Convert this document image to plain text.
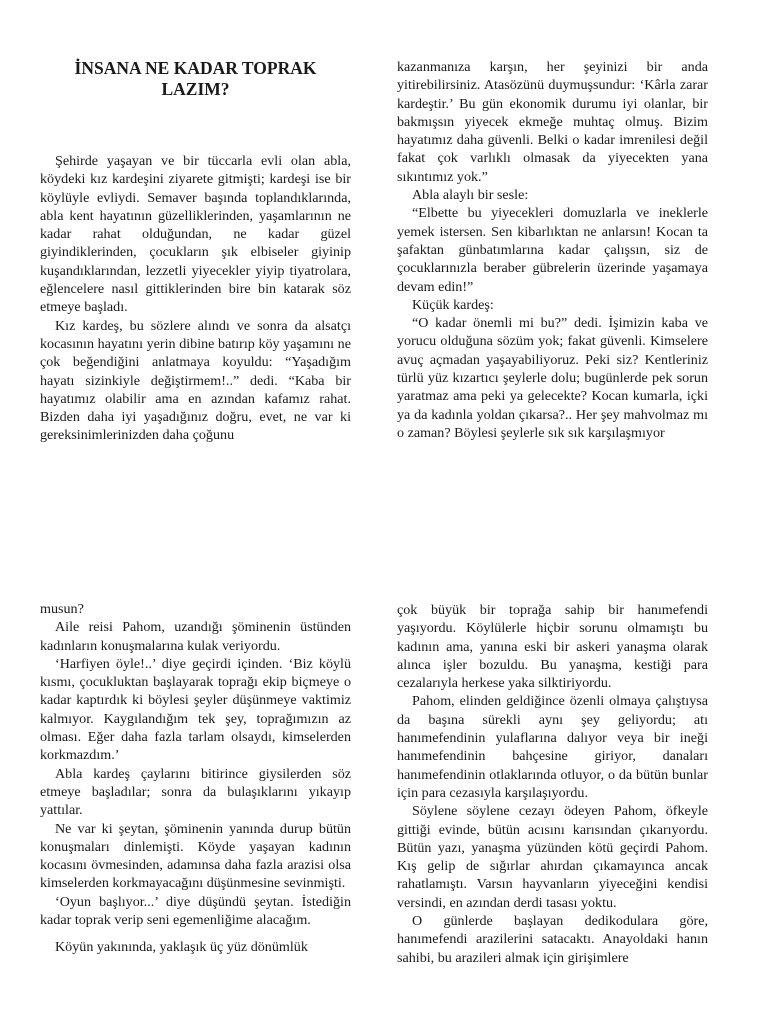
İNSANA NE KADAR TOPRAK LAZIM?

Şehirde yaşayan ve bir tüccarla evli olan abla, köydeki kız kardeşini ziyarete gitmişti; kardeşi ise bir köylüyle evliydi. Semaver başında toplandıklarında, abla kent hayatının güzelliklerinden, yaşamlarının ne kadar rahat olduğundan, ne kadar güzel giyindiklerinden, çocukların şık elbiseler giyinip kuşandıklarından, lezzetli yiyecekler yiyip tiyatrolara, eğlencelere nasıl gittiklerinden bire bin katarak söz etmeye başladı.

Kız kardeş, bu sözlere alındı ve sonra da alsatçı kocasının hayatını yerin dibine batırıp köy yaşamını ne çok beğendiğini anlatmaya koyuldu: “Yaşadığım hayatı sizinkiyle değiştirmem!..” dedi. “Kaba bir hayatımız olabilir ama en azından kafamız rahat. Bizden daha iyi yaşadığınız doğru, evet, ne var ki gereksinimlerinizden daha çoğunu

kazanmanıza karşın, her şeyinizi bir anda yitirebilirsiniz. Atasözünü duymuşsundur: ‘Kârla zarar kardeştir.’ Bu gün ekonomik durumu iyi olanlar, bir bakmışsın yiyecek ekmeğe muhtaç olmuş. Bizim hayatımız daha güvenli. Belki o kadar imrenilesi değil fakat çok varlıklı olmasak da yiyecekten yana sıkıntımız yok.”

Abla alaylı bir sesle:

“Elbette bu yiyecekleri domuzlarla ve ineklerle yemek istersen. Sen kibarlıktan ne anlarsın! Kocan ta şafaktan günbatımlarına kadar çalışsın, siz de çocuklarınızla beraber gübrelerin üzerinde yaşamaya devam edin!”

Küçük kardeş:

“O kadar önemli mi bu?” dedi. İşimizin kaba ve yorucu olduğuna sözüm yok; fakat güvenli. Kimselere avuç açmadan yaşayabiliyoruz. Peki siz? Kentleriniz türlü yüz kızartıcı şeylerle dolu; bugünlerde pek sorun yaratmaz ama peki ya gelecekte? Kocan kumarla, içki ya da kadınla yoldan çıkarsa?.. Her şey mahvolmaz mı o zaman? Böylesi şeylerle sık sık karşılaşmıyor

musun?

Aile reisi Pahom, uzandığı şöminenin üstünden kadınların konuşmalarına kulak veriyordu.

‘Harfiyen öyle!..’ diye geçirdi içinden. ‘Biz köylü kısmı, çocukluktan başlayarak toprağı ekip biçmeye o kadar kaptırdık ki böylesi şeyler düşünmeye vaktimiz kalmıyor. Kaygılandığım tek şey, toprağımızın az olması. Eğer daha fazla tarlam olsaydı, kimselerden korkmazdım.’

Abla kardeş çaylarını bitirince giysilerden söz etmeye başladılar; sonra da bulaşıklarını yıkayıp yattılar.

Ne var ki şeytan, şöminenin yanında durup bütün konuşmaları dinlemişti. Köyde yaşayan kadının kocasını övmesinden, adamınsa daha fazla arazisi olsa kimselerden korkmayacağını düşünmesine sevinmişti.

‘Oyun başlıyor...’ diye düşündü şeytan. İstediğin kadar toprak verip seni egemenliğime alacağım.

Köyün yakınında, yaklaşık üç yüz dönümlük

çok büyük bir toprağa sahip bir hanımefendi yaşıyordu. Köylülerle hiçbir sorunu olmamıştı bu kadının ama, yanına eski bir askeri yanaşma olarak alınca işler bozuldu. Bu yanaşma, kestiği para cezalarıyla herkese yaka silktiriyordu.

Pahom, elinden geldiğince özenli olmaya çalıştıysa da başına sürekli aynı şey geliyordu; atı hanımefendinin yulaflarına dalıyor veya bir ineği hanımefendinin bahçesine giriyor, danaları hanımefendinin otlaklarında otluyor, o da bütün bunlar için para cezasıyla karşılaşıyordu.

Söylene söylene cezayı ödeyen Pahom, öfkeyle gittiği evinde, bütün acısını karısından çıkarıyordu. Bütün yazı, yanaşma yüzünden kötü geçirdi Pahom. Kış gelip de sığırlar ahırdan çıkamayınca ancak rahatlamıştı. Varsın hayvanların yiyeceğini kendisi versindi, en azından derdi tasası yoktu.

O günlerde başlayan dedikodulara göre, hanımefendi arazilerini satacaktı. Anayoldaki hanın sahibi, bu arazileri almak için girişimlere
